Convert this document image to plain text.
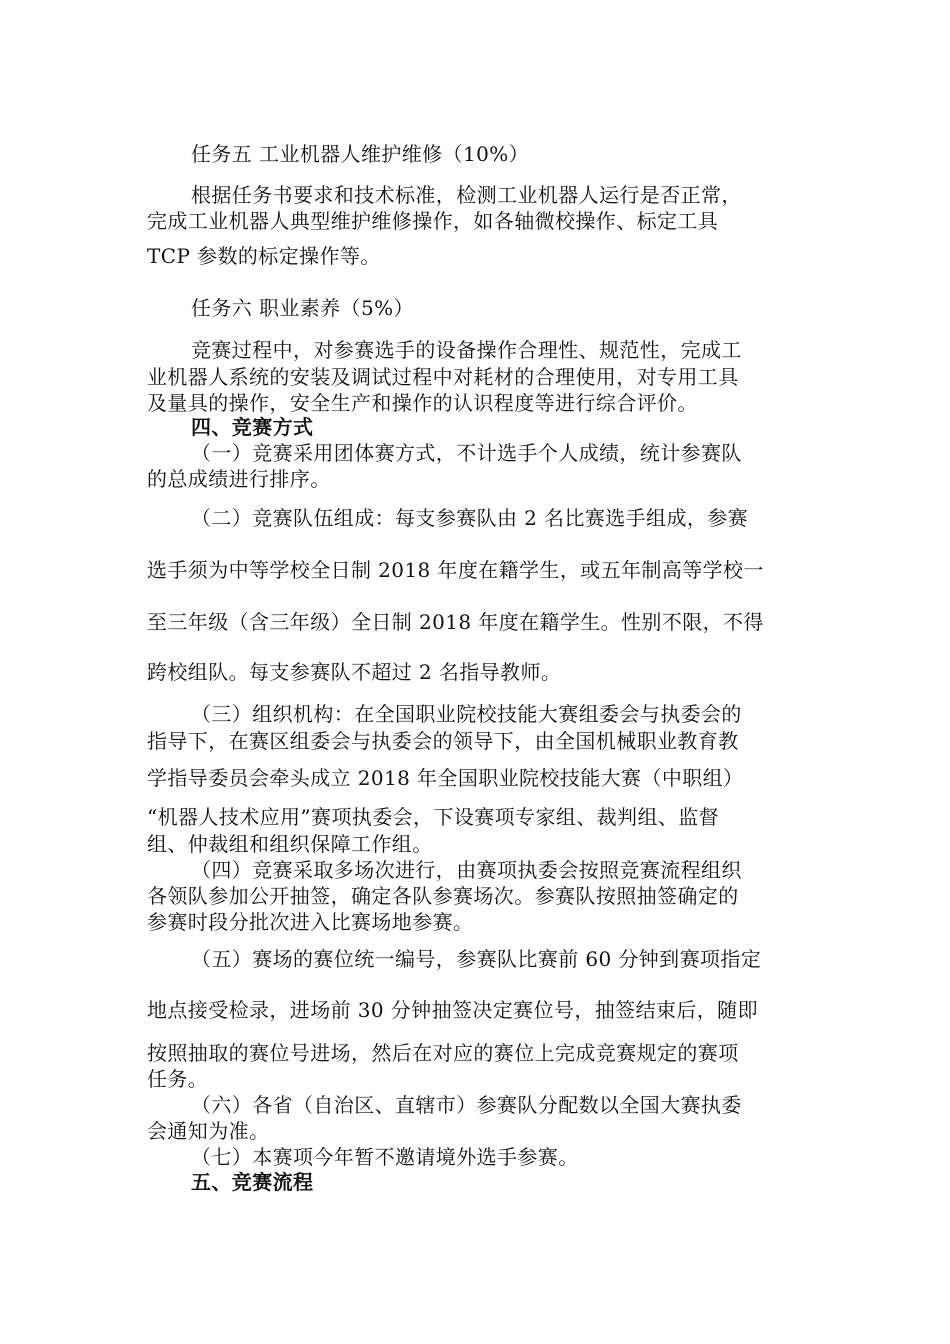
任务五 工业机器人维护维修（10%）
根据任务书要求和技术标准，检测工业机器人运行是否正常，
完成工业机器人典型维护维修操作，如各轴微校操作、标定工具
TCP 参数的标定操作等。
任务六 职业素养（5%）
竞赛过程中，对参赛选手的设备操作合理性、规范性，完成工
业机器人系统的安装及调试过程中对耗材的合理使用，对专用工具
及量具的操作，安全生产和操作的认识程度等进行综合评价。
四、竞赛方式
（一）竞赛采用团体赛方式，不计选手个人成绩，统计参赛队
的总成绩进行排序。
（二）竞赛队伍组成：每支参赛队由 2 名比赛选手组成，参赛
选手须为中等学校全日制 2018 年度在籍学生，或五年制高等学校一
至三年级（含三年级）全日制 2018 年度在籍学生。性别不限，不得
跨校组队。每支参赛队不超过 2 名指导教师。
（三）组织机构：在全国职业院校技能大赛组委会与执委会的
指导下，在赛区组委会与执委会的领导下，由全国机械职业教育教
学指导委员会牵头成立 2018 年全国职业院校技能大赛（中职组）
“机器人技术应用”赛项执委会，下设赛项专家组、裁判组、监督
组、仲裁组和组织保障工作组。
（四）竞赛采取多场次进行，由赛项执委会按照竞赛流程组织
各领队参加公开抽签，确定各队参赛场次。参赛队按照抽签确定的
参赛时段分批次进入比赛场地参赛。
（五）赛场的赛位统一编号，参赛队比赛前 60 分钟到赛项指定
地点接受检录，进场前 30 分钟抽签决定赛位号，抽签结束后，随即
按照抽取的赛位号进场，然后在对应的赛位上完成竞赛规定的赛项
任务。
（六）各省（自治区、直辖市）参赛队分配数以全国大赛执委
会通知为准。
（七）本赛项今年暂不邀请境外选手参赛。
五、竞赛流程
